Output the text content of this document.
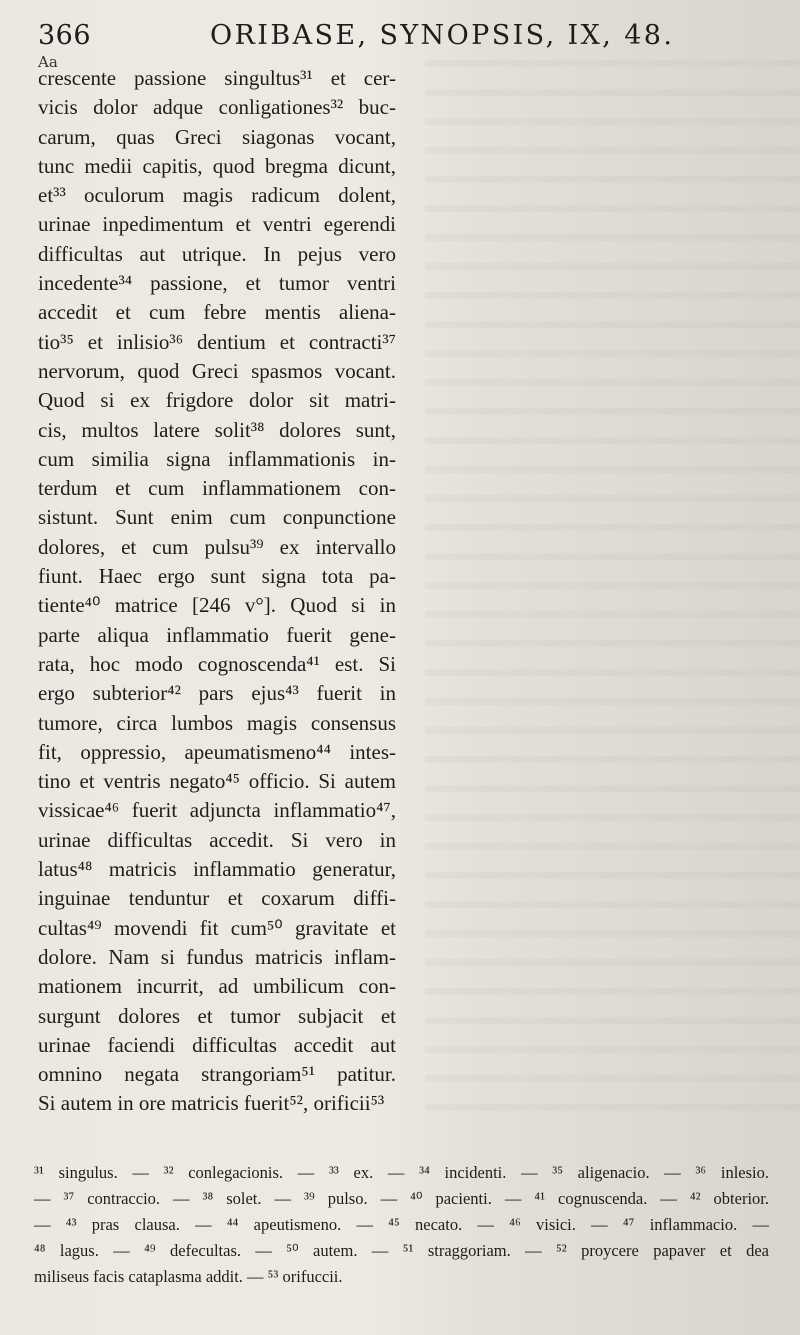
366	ORIBASE, SYNOPSIS, IX, 48.
Aa
crescente passione singultus³¹ et cer-
vicis dolor adque conligationes³² buc-
carum, quas Greci siagonas vocant,
tunc medii capitis, quod bregma dicunt,
et³³ oculorum magis radicum dolent,
urinae inpedimentum et ventri egerendi
difficultas aut utrique. In pejus vero
incedente³⁴ passione, et tumor ventri
accedit et cum febre mentis aliena-
tio³⁵ et inlisio³⁶ dentium et contracti³⁷
nervorum, quod Greci spasmos vocant.
Quod si ex frigdore dolor sit matri-
cis, multos latere solit³⁸ dolores sunt,
cum similia signa inflammationis in-
terdum et cum inflammationem con-
sistunt. Sunt enim cum conpunctione
dolores, et cum pulsu³⁹ ex intervallo
fiunt. Haec ergo sunt signa tota pa-
tiente⁴⁰ matrice [246 v°]. Quod si in
parte aliqua inflammatio fuerit gene-
rata, hoc modo cognoscenda⁴¹ est. Si
ergo subterior⁴² pars ejus⁴³ fuerit in
tumore, circa lumbos magis consensus
fit, oppressio, apeumatismeno⁴⁴ intes-
tino et ventris negato⁴⁵ officio. Si autem
vissicae⁴⁶ fuerit adjuncta inflammatio⁴⁷,
urinae difficultas accedit. Si vero in
latus⁴⁸ matricis inflammatio generatur,
inguinae tenduntur et coxarum diffi-
cultas⁴⁹ movendi fit cum⁵⁰ gravitate et
dolore. Nam si fundus matricis inflam-
mationem incurrit, ad umbilicum con-
surgunt dolores et tumor subjacit et
urinae faciendi difficultas accedit aut
omnino negata strangoriam⁵¹ patitur.
Si autem in ore matricis fuerit⁵², orificii⁵³
³¹ singulus. — ³² conlegacionis. — ³³ ex. — ³⁴ incidenti. — ³⁵ aligenacio. — ³⁶ inlesio.
— ³⁷ contraccio. — ³⁸ solet. — ³⁹ pulso. — ⁴⁰ pacienti. — ⁴¹ cognuscenda. — ⁴² obterior.
— ⁴³ pras clausa. — ⁴⁴ apeutismeno. — ⁴⁵ necato. — ⁴⁶ visici. — ⁴⁷ inflammacio. —
⁴⁸ lagus. — ⁴⁹ defecultas. — ⁵⁰ autem. — ⁵¹ straggoriam. — ⁵² proycere papaver et dea
miliseus facis cataplasma addit. — ⁵³ orifuccii.
